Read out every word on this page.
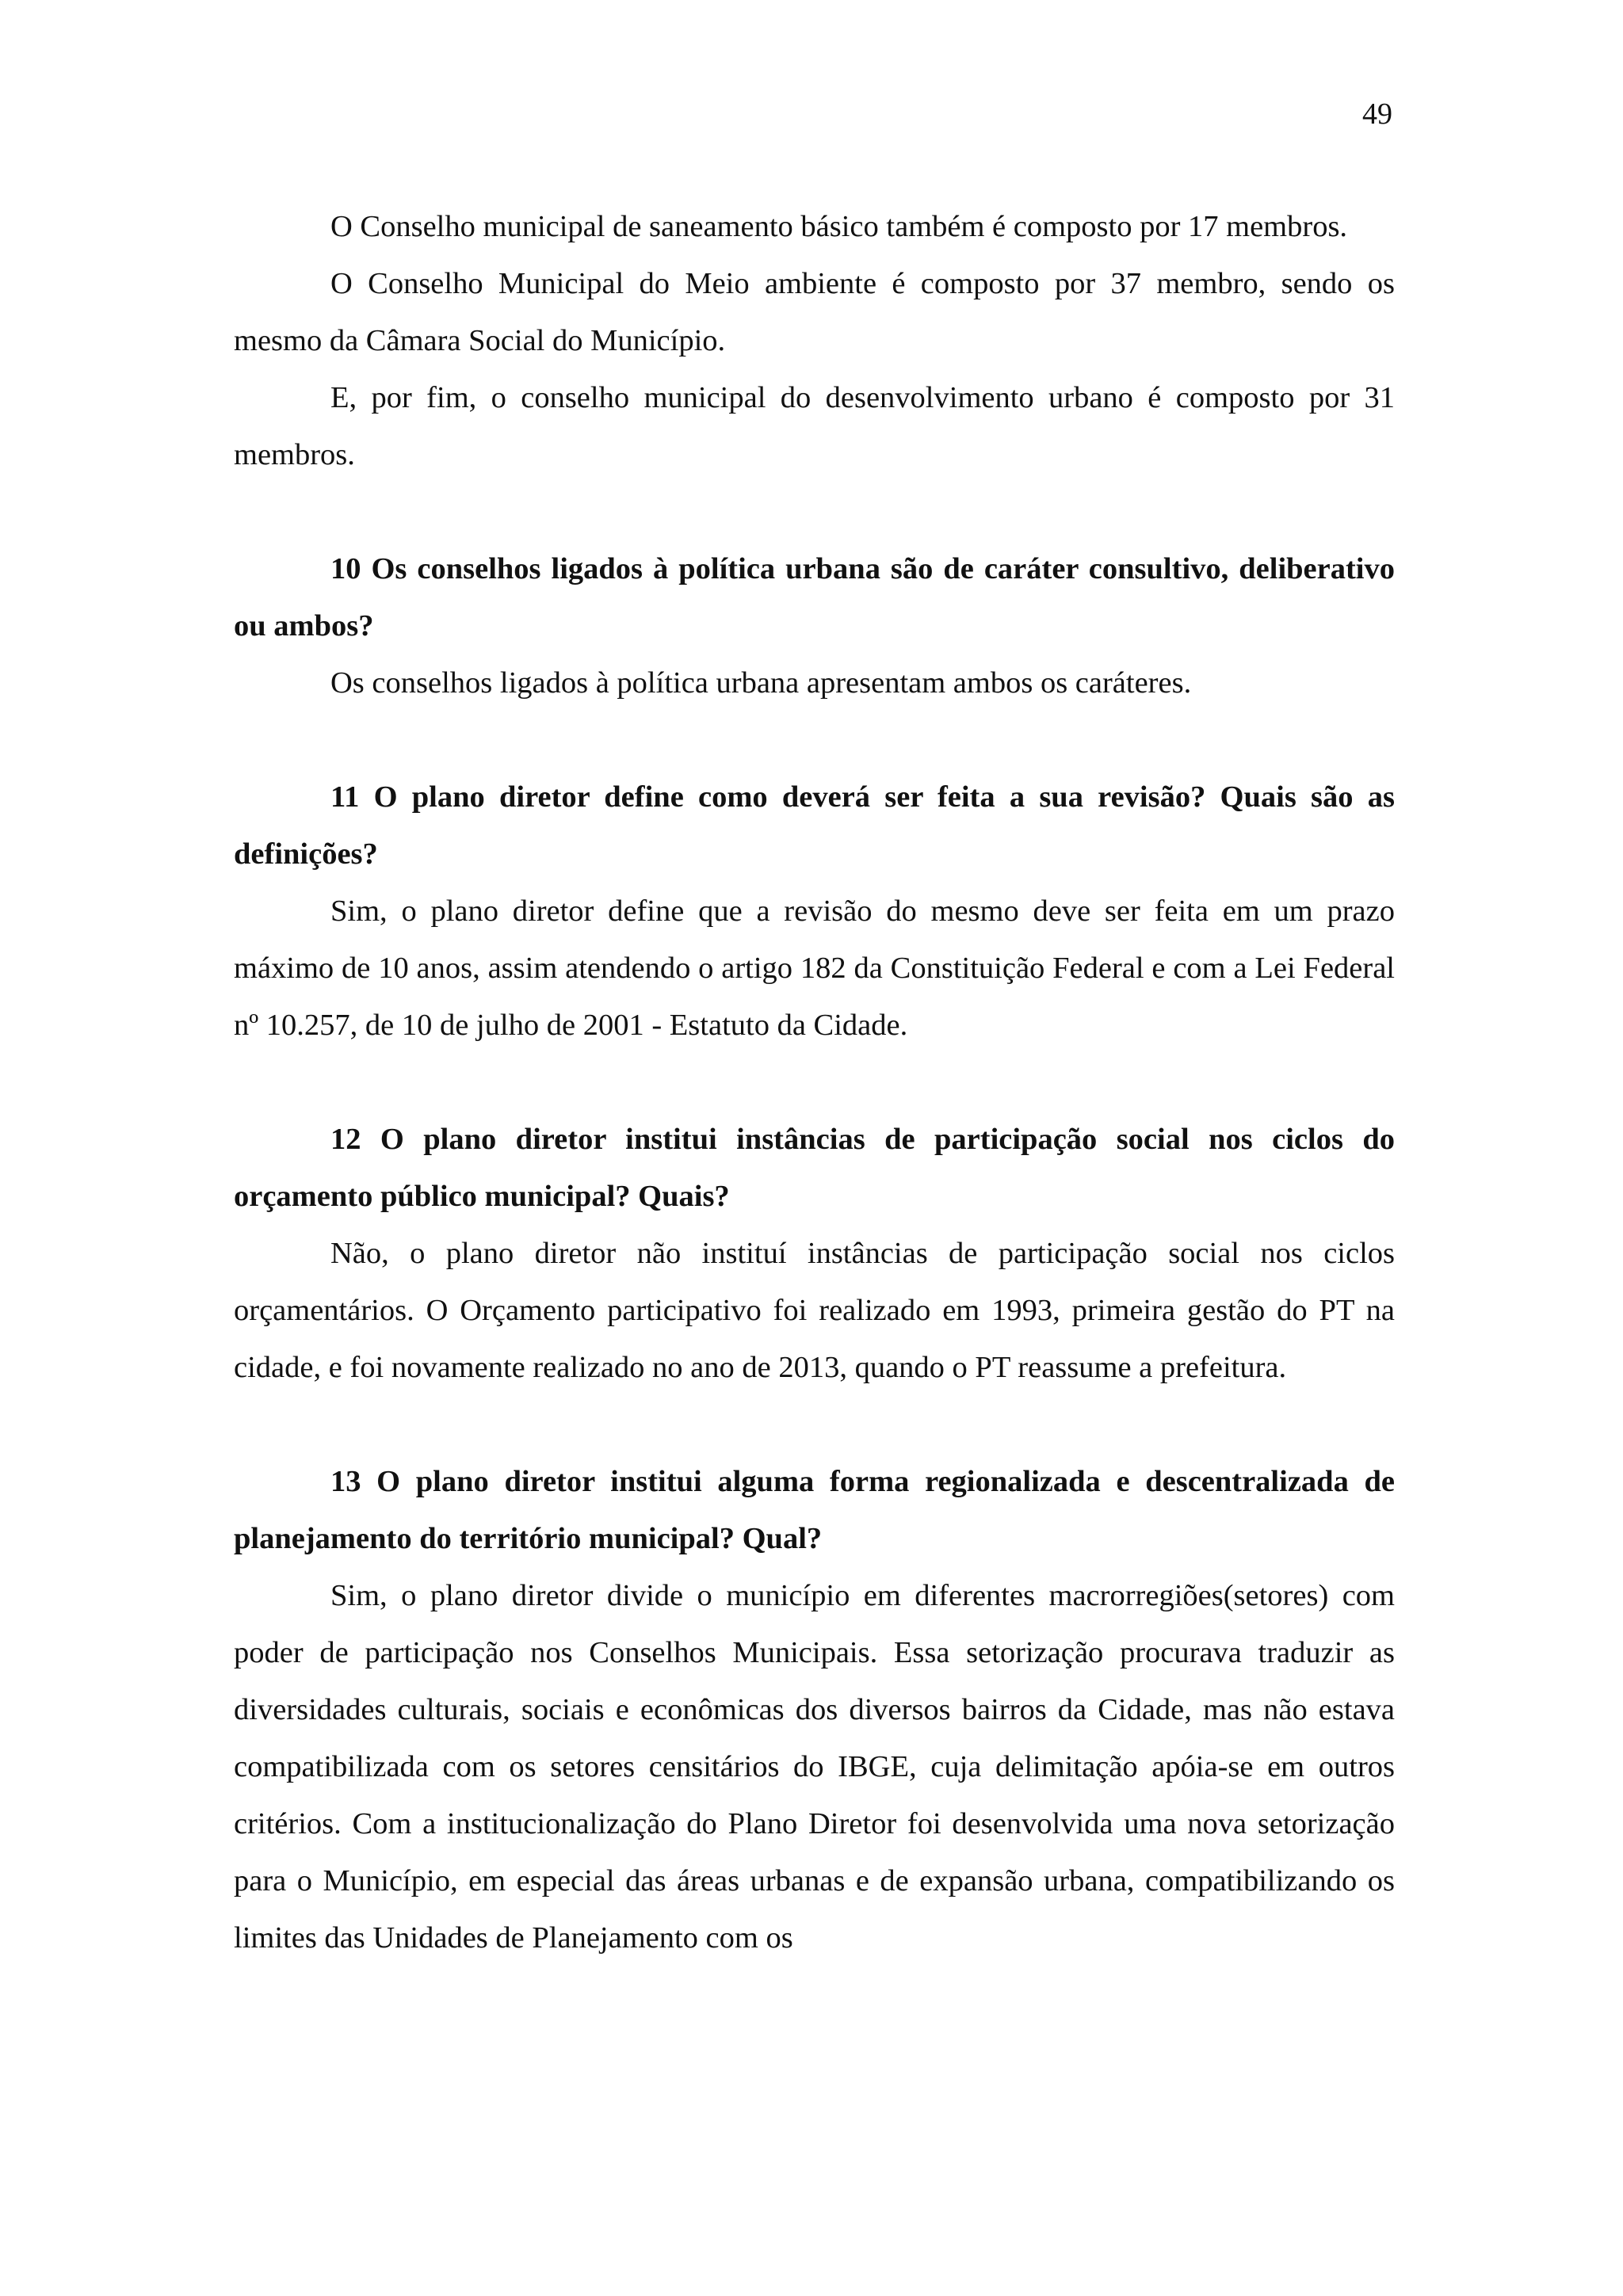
49

O Conselho municipal de saneamento básico também é composto por 17 membros.

O Conselho Municipal do Meio ambiente é composto por 37 membro, sendo os mesmo da Câmara Social do Município.

E, por fim, o conselho municipal do desenvolvimento urbano é composto por 31 membros.

10 Os conselhos ligados à política urbana são de caráter consultivo, deliberativo ou ambos?

Os conselhos ligados à política urbana apresentam ambos os caráteres.

11 O plano diretor define como deverá ser feita a sua revisão? Quais são as definições?

Sim, o plano diretor define que a revisão do mesmo deve ser feita em um prazo máximo de 10 anos, assim atendendo o artigo 182 da Constituição Federal e com a Lei Federal nº 10.257, de 10 de julho de 2001 - Estatuto da Cidade.

12 O plano diretor institui instâncias de participação social nos ciclos do orçamento público municipal? Quais?

Não, o plano diretor não instituí instâncias de participação social nos ciclos orçamentários. O Orçamento participativo foi realizado em 1993, primeira gestão do PT na cidade, e foi novamente realizado no ano de 2013, quando o PT reassume a prefeitura.

13 O plano diretor institui alguma forma regionalizada e descentralizada de planejamento do território municipal? Qual?

Sim, o plano diretor divide o município em diferentes macrorregiões(setores) com poder de participação nos Conselhos Municipais. Essa setorização procurava traduzir as diversidades culturais, sociais e econômicas dos diversos bairros da Cidade, mas não estava compatibilizada com os setores censitários do IBGE, cuja delimitação apóia-se em outros critérios. Com a institucionalização do Plano Diretor foi desenvolvida uma nova setorização para o Município, em especial das áreas urbanas e de expansão urbana, compatibilizando os limites das Unidades de Planejamento com os
